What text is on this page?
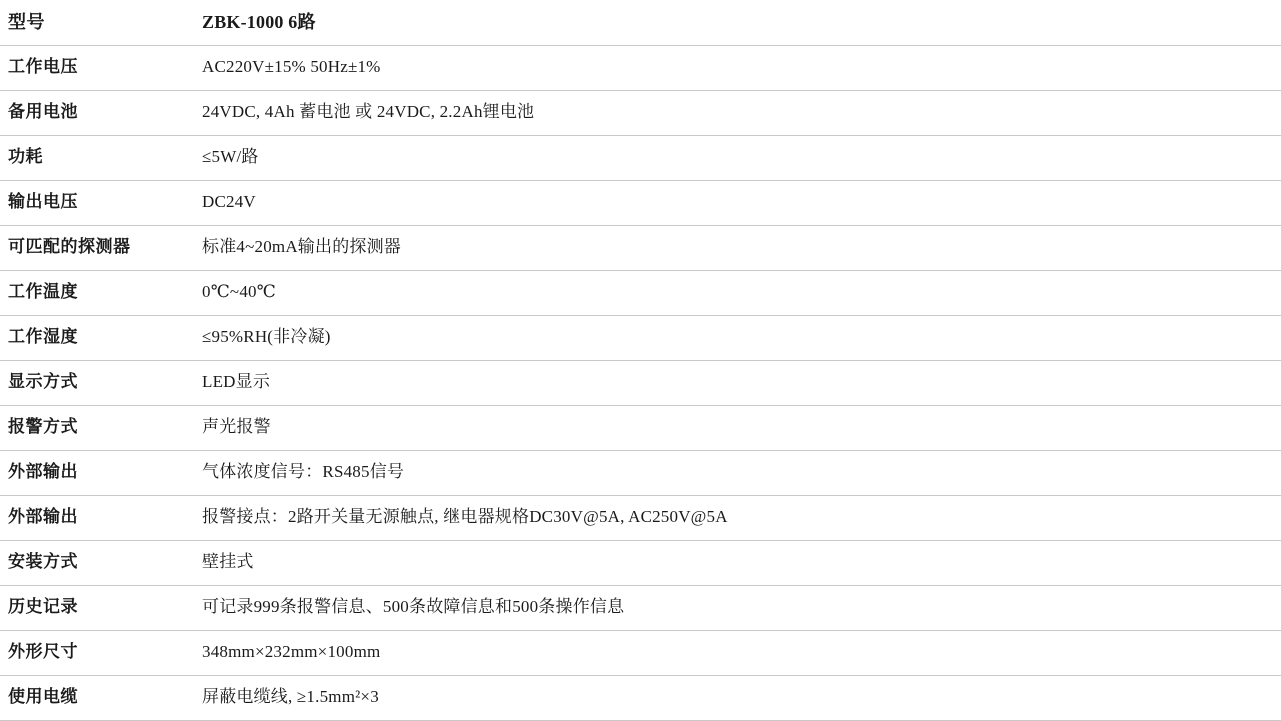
型号	ZBK-1000 6路
工作电压	AC220V±15% 50Hz±1%
备用电池	24VDC, 4Ah 蓄电池 或 24VDC, 2.2Ah锂电池
功耗	≤5W/路
输出电压	DC24V
可匹配的探测器	标准4~20mA输出的探测器
工作温度	0℃~40℃
工作湿度	≤95%RH(非冷凝)
显示方式	LED显示
报警方式	声光报警
外部输出	气体浓度信号：RS485信号
外部输出	报警接点：2路开关量无源触点, 继电器规格DC30V@5A, AC250V@5A
安装方式	壁挂式
历史记录	可记录999条报警信息、500条故障信息和500条操作信息
外形尺寸	348mm×232mm×100mm
使用电缆	屏蔽电缆线, ≥1.5mm²×3
